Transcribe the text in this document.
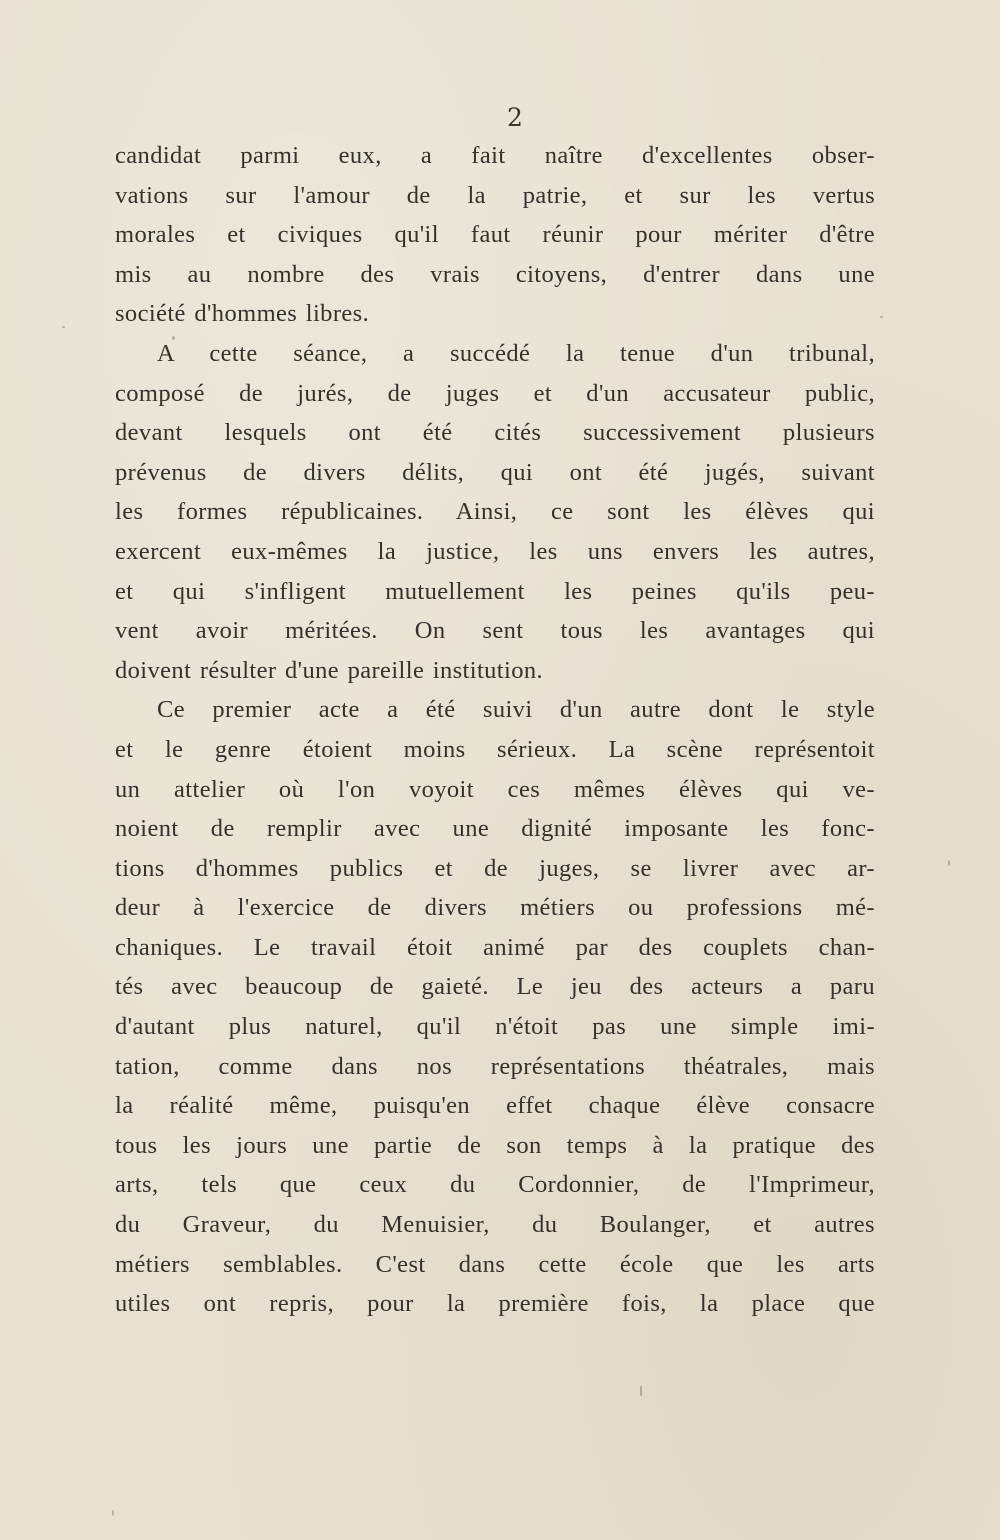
2
candidat parmi eux, a fait naître d'excellentes obser-
vations sur l'amour de la patrie, et sur les vertus
morales et civiques qu'il faut réunir pour mériter d'être
mis au nombre des vrais citoyens, d'entrer dans une
société d'hommes libres.
A cette séance, a succédé la tenue d'un tribunal,
composé de jurés, de juges et d'un accusateur public,
devant lesquels ont été cités successivement plusieurs
prévenus de divers délits, qui ont été jugés, suivant
les formes républicaines. Ainsi, ce sont les élèves qui
exercent eux-mêmes la justice, les uns envers les autres,
et qui s'infligent mutuellement les peines qu'ils peu-
vent avoir méritées. On sent tous les avantages qui
doivent résulter d'une pareille institution.
Ce premier acte a été suivi d'un autre dont le style
et le genre étoient moins sérieux. La scène représentoit
un attelier où l'on voyoit ces mêmes élèves qui ve-
noient de remplir avec une dignité imposante les fonc-
tions d'hommes publics et de juges, se livrer avec ar-
deur à l'exercice de divers métiers ou professions mé-
chaniques. Le travail étoit animé par des couplets chan-
tés avec beaucoup de gaieté. Le jeu des acteurs a paru
d'autant plus naturel, qu'il n'étoit pas une simple imi-
tation, comme dans nos représentations théatrales, mais
la réalité même, puisqu'en effet chaque élève consacre
tous les jours une partie de son temps à la pratique des
arts, tels que ceux du Cordonnier, de l'Imprimeur,
du Graveur, du Menuisier, du Boulanger, et autres
métiers semblables. C'est dans cette école que les arts
utiles ont repris, pour la première fois, la place que
